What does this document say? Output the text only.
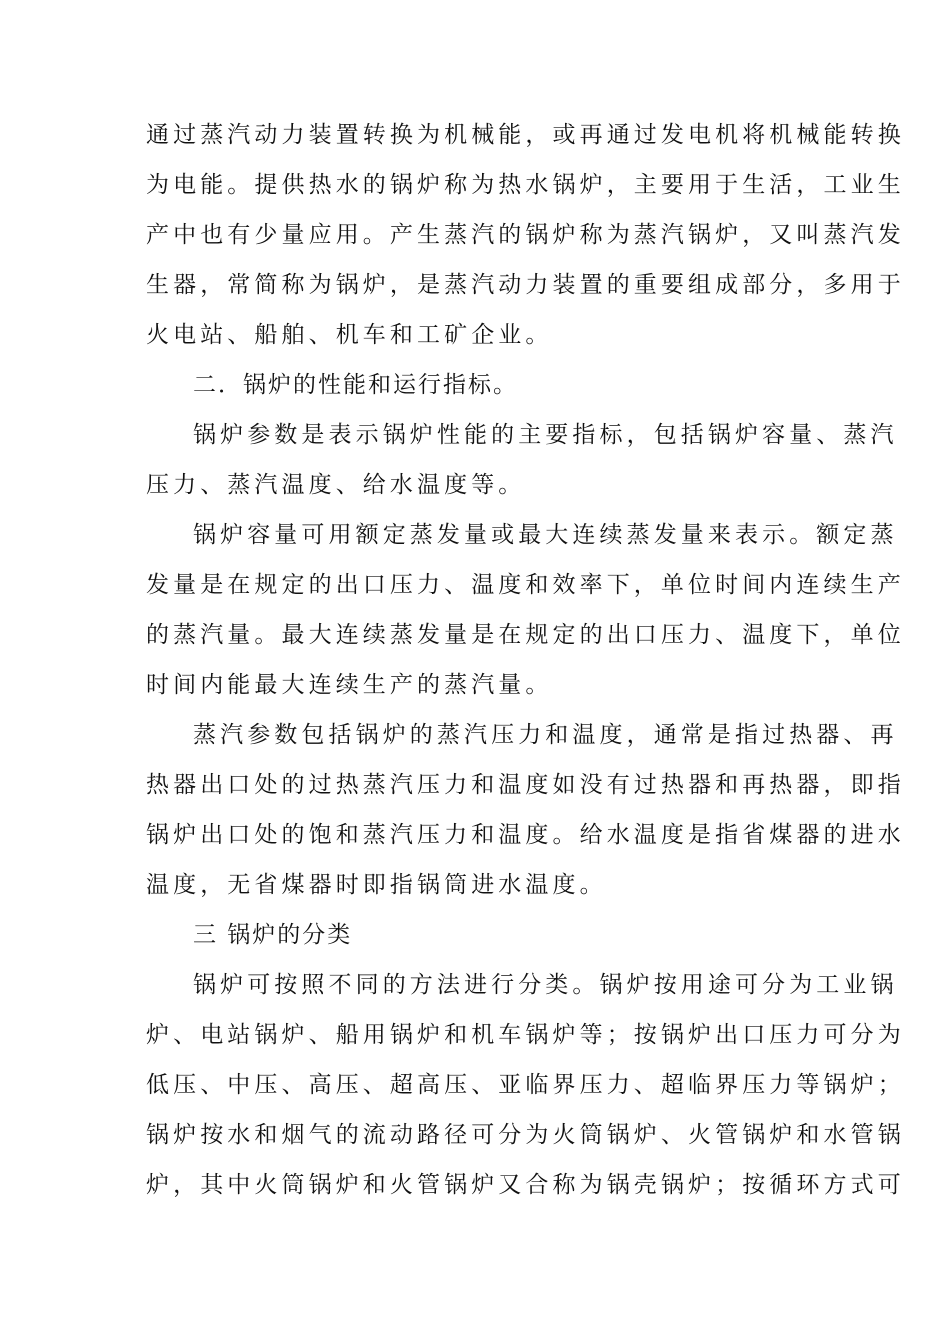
通过蒸汽动力装置转换为机械能，或再通过发电机将机械能转换
为电能。提供热水的锅炉称为热水锅炉，主要用于生活，工业生
产中也有少量应用。产生蒸汽的锅炉称为蒸汽锅炉，又叫蒸汽发
生器，常简称为锅炉，是蒸汽动力装置的重要组成部分，多用于
火电站、船舶、机车和工矿企业。
二．锅炉的性能和运行指标。
锅炉参数是表示锅炉性能的主要指标，包括锅炉容量、蒸汽
压力、蒸汽温度、给水温度等。
锅炉容量可用额定蒸发量或最大连续蒸发量来表示。额定蒸
发量是在规定的出口压力、温度和效率下，单位时间内连续生产
的蒸汽量。最大连续蒸发量是在规定的出口压力、温度下，单位
时间内能最大连续生产的蒸汽量。
蒸汽参数包括锅炉的蒸汽压力和温度，通常是指过热器、再
热器出口处的过热蒸汽压力和温度如没有过热器和再热器，即指
锅炉出口处的饱和蒸汽压力和温度。给水温度是指省煤器的进水
温度，无省煤器时即指锅筒进水温度。
三 锅炉的分类
锅炉可按照不同的方法进行分类。锅炉按用途可分为工业锅
炉、电站锅炉、船用锅炉和机车锅炉等；按锅炉出口压力可分为
低压、中压、高压、超高压、亚临界压力、超临界压力等锅炉；
锅炉按水和烟气的流动路径可分为火筒锅炉、火管锅炉和水管锅
炉，其中火筒锅炉和火管锅炉又合称为锅壳锅炉；按循环方式可
